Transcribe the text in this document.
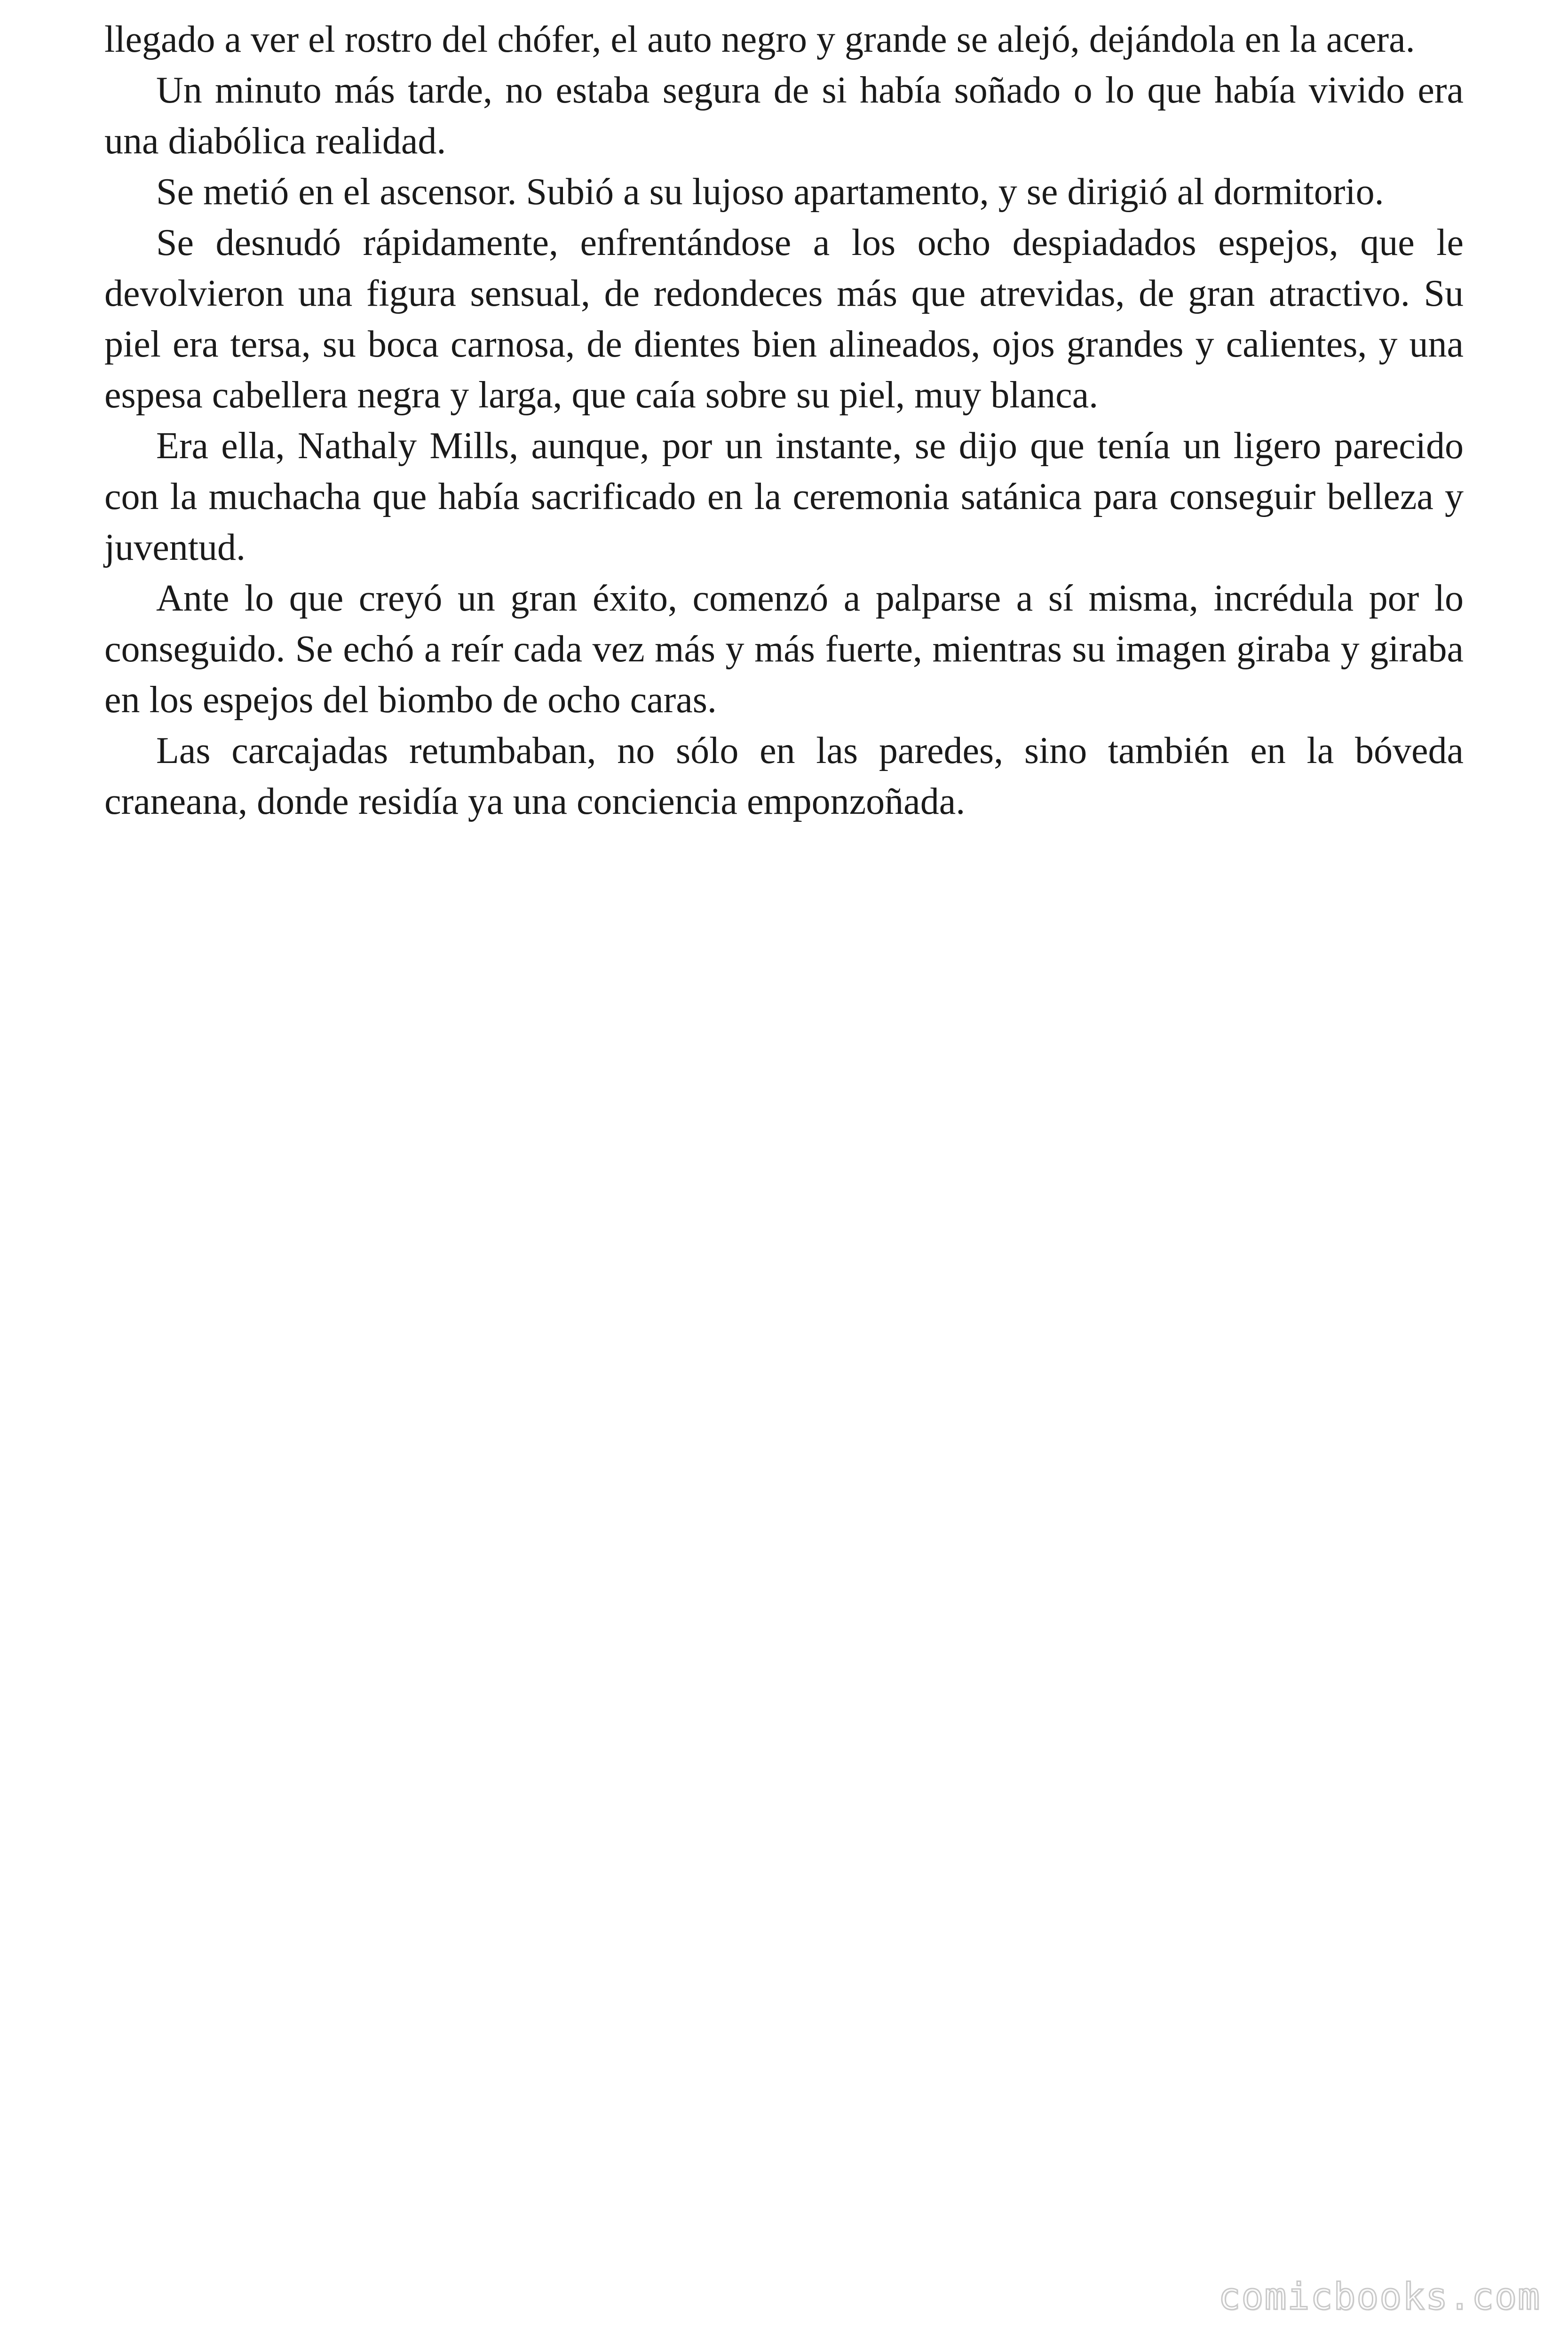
llegado a ver el rostro del chófer, el auto negro y grande se alejó, dejándola en la acera.

Un minuto más tarde, no estaba segura de si había soñado o lo que había vivido era una diabólica realidad.

Se metió en el ascensor. Subió a su lujoso apartamento, y se dirigió al dormitorio.

Se desnudó rápidamente, enfrentándose a los ocho despiadados espejos, que le devolvieron una figura sensual, de redondeces más que atrevidas, de gran atractivo. Su piel era tersa, su boca carnosa, de dientes bien alineados, ojos grandes y calientes, y una espesa cabellera negra y larga, que caía sobre su piel, muy blanca.

Era ella, Nathaly Mills, aunque, por un instante, se dijo que tenía un ligero parecido con la muchacha que había sacrificado en la ceremonia satánica para conseguir belleza y juventud.

Ante lo que creyó un gran éxito, comenzó a palparse a sí misma, incrédula por lo conseguido. Se echó a reír cada vez más y más fuerte, mientras su imagen giraba y giraba en los espejos del biombo de ocho caras.

Las carcajadas retumbaban, no sólo en las paredes, sino también en la bóveda craneana, donde residía ya una conciencia emponzoñada.

comicbooks.com
